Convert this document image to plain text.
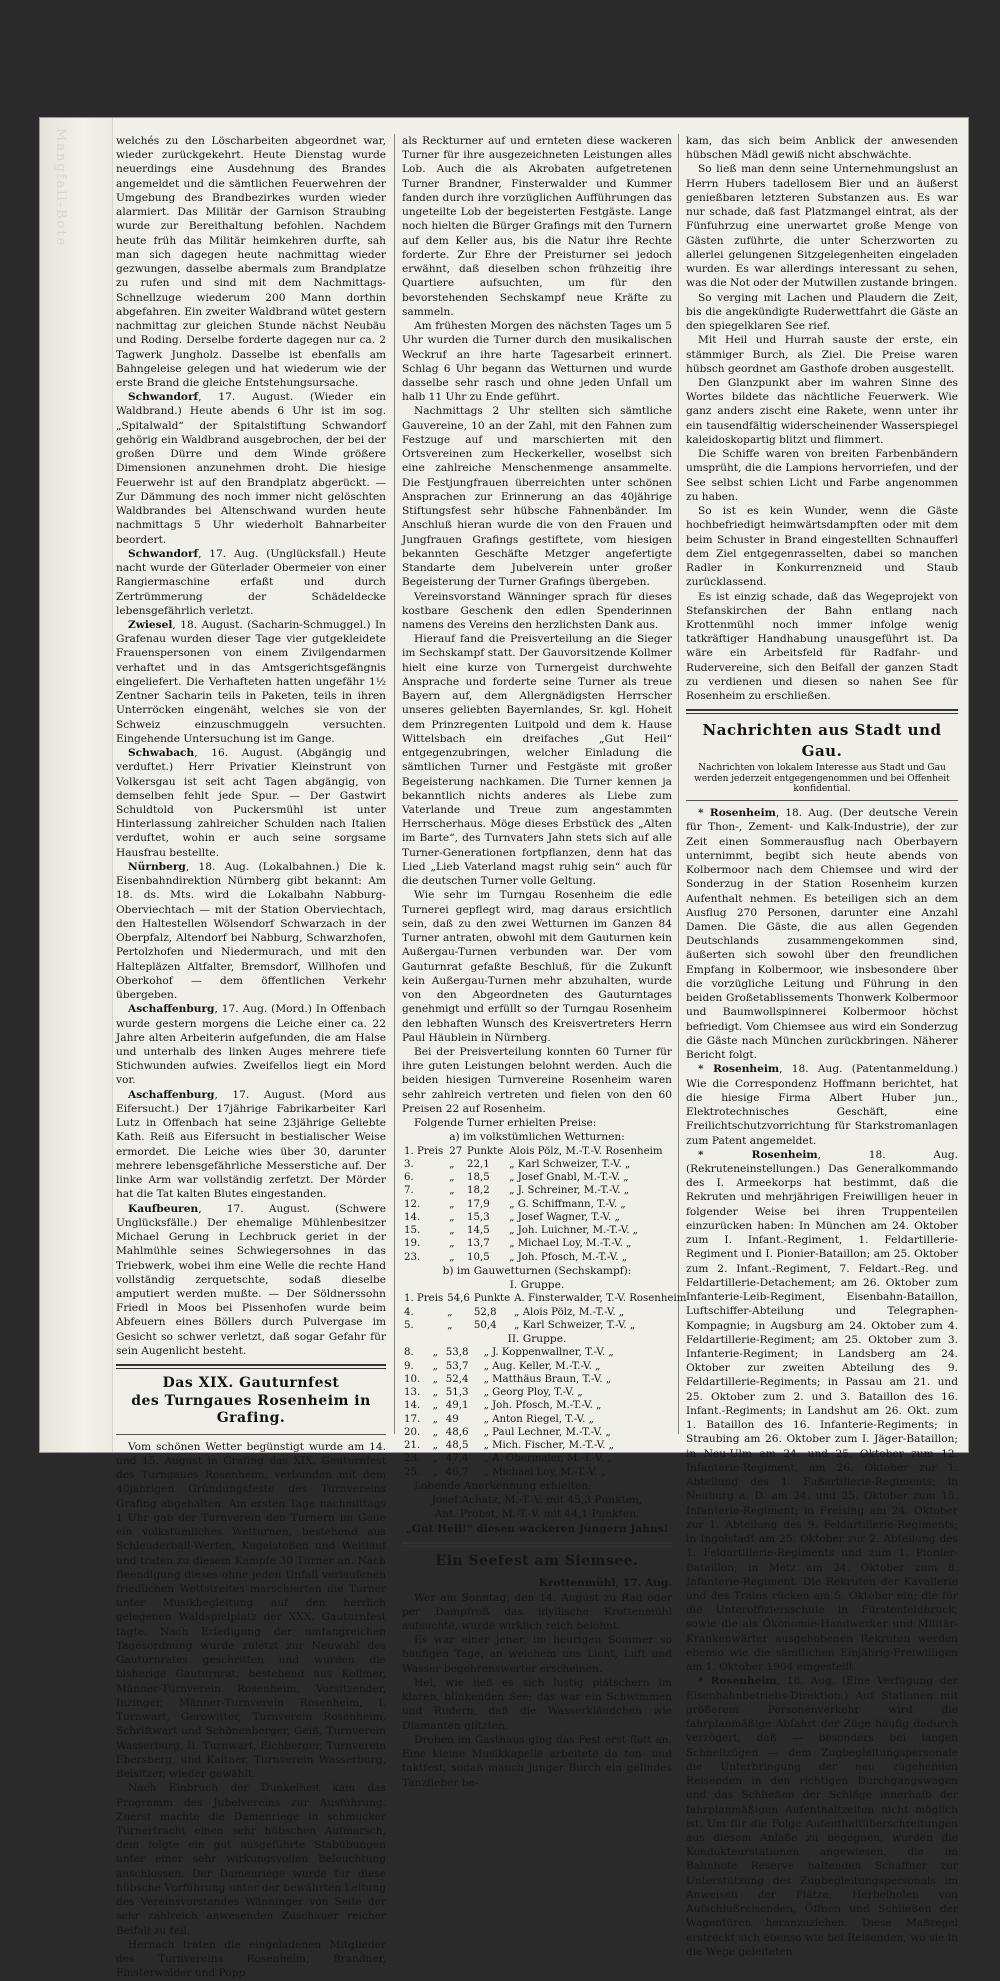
Mangfall‑Bote	welchés zu den Löscharbeiten abgeordnet war, wieder zurückgekehrt. Heute Dienstag wurde neuerdings eine Ausdehnung des Brandes angemeldet und die sämtlichen Feuerwehren der Umgebung des Brandbezirkes wurden wieder alarmiert. Das Militär der Garnison Straubing wurde zur Bereithaltung befohlen. Nachdem heute früh das Militär heimkehren durfte, sah man sich dagegen heute nachmittag wieder gezwungen, dasselbe abermals zum Brandplatze zu rufen und sind mit dem Nachmittags-Schnellzuge wiederum 200 Mann dorthin abgefahren. Ein zweiter Waldbrand wütet gestern nachmittag zur gleichen Stunde nächst Neubäu und Roding. Derselbe forderte dagegen nur ca. 2 Tagwerk Jungholz. Dasselbe ist ebenfalls am Bahngeleise gelegen und hat wiederum wie der erste Brand die gleiche Entstehungsursache.

Schwandorf, 17. August. (Wieder ein Waldbrand.) Heute abends 6 Uhr ist im sog. „Spitalwald“ der Spitalstiftung Schwandorf gehörig ein Waldbrand ausgebrochen, der bei der großen Dürre und dem Winde größere Dimensionen anzunehmen droht. Die hiesige Feuerwehr ist auf den Brandplatz abgerückt. — Zur Dämmung des noch immer nicht gelöschten Waldbrandes bei Altenschwand wurden heute nachmittags 5 Uhr wiederholt Bahnarbeiter beordert.

Schwandorf, 17. Aug. (Unglücksfall.) Heute nacht wurde der Güterlader Obermeier von einer Rangiermaschine erfaßt und durch Zertrümmerung der Schädeldecke lebensgefährlich verletzt.

Zwiesel, 18. August. (Sacharin-Schmuggel.) In Grafenau wurden dieser Tage vier gutgekleidete Frauenspersonen von einem Zivilgendarmen verhaftet und in das Amtsgerichtsgefängnis eingeliefert. Die Verhafteten hatten ungefähr 1½ Zentner Sacharin teils in Paketen, teils in ihren Unterröcken eingenäht, welches sie von der Schweiz einzuschmuggeln versuchten. Eingehende Untersuchung ist im Gange.

Schwabach, 16. August. (Abgängig und verduftet.) Herr Privatier Kleinstrunt von Volkersgau ist seit acht Tagen abgängig, von demselben fehlt jede Spur. — Der Gastwirt Schuldtold von Puckersmühl ist unter Hinterlassung zahlreicher Schulden nach Italien verduftet, wohin er auch seine sorgsame Hausfrau bestellte.

Nürnberg, 18. Aug. (Lokalbahnen.) Die k. Eisenbahndirektion Nürnberg gibt bekannt: Am 18. ds. Mts. wird die Lokalbahn Nabburg-Oberviechtach — mit der Station Oberviechtach, den Haltestellen Wölsendorf Schwarzach in der Oberpfalz, Altendorf bei Nabburg, Schwarzhofen, Pertolzhofen und Niedermurach, und mit den Haltepläzen Altfalter, Bremsdorf, Willhofen und Oberkohof — dem öffentlichen Verkehr übergeben.

Aschaffenburg, 17. Aug. (Mord.) In Offenbach wurde gestern morgens die Leiche einer ca. 22 Jahre alten Arbeiterin aufgefunden, die am Halse und unterhalb des linken Auges mehrere tiefe Stichwunden aufwies. Zweifellos liegt ein Mord vor.

Aschaffenburg, 17. August. (Mord aus Eifersucht.) Der 17jährige Fabrikarbeiter Karl Lutz in Offenbach hat seine 23jährige Geliebte Kath. Reiß aus Eifersucht in bestialischer Weise ermordet. Die Leiche wies über 30, darunter mehrere lebensgefährliche Messerstiche auf. Der linke Arm war vollständig zerfetzt. Der Mörder hat die Tat kalten Blutes eingestanden.

Kaufbeuren, 17. August. (Schwere Unglücksfälle.) Der ehemalige Mühlenbesitzer Michael Gerung in Lechbruck geriet in der Mahlmühle seines Schwiegersohnes in das Triebwerk, wobei ihm eine Welle die rechte Hand vollständig zerquetschte, sodaß dieselbe amputiert werden mußte. — Der Söldnerssohn Friedl in Moos bei Pissenhofen wurde beim Abfeuern eines Böllers durch Pulvergase im Gesicht so schwer verletzt, daß sogar Gefahr für sein Augenlicht besteht.

Das XIX. Gauturnfest
des Turngaues Rosenheim in Grafing.

Vom schönen Wetter begünstigt wurde am 14. und 15. August in Grafing das XIX. Gauturnfest des Turngaues Rosenheim, verbunden mit dem 40jährigen Gründungsfeste des Turnvereins Grafing abgehalten. Am ersten Tage nachmittags 1 Uhr gab der Turnverein den Turnern im Gaue ein volkstümliches Wetturnen, bestehend aus Schleuderball-Werfen, Kugelstoßen und Weitlauf und traten zu diesem Kampfe 30 Turner an. Nach Beendigung dieses ohne jeden Unfall verlaufenen friedlichen Wettstreites marschierten die Turner unter Musikbegleitung auf den herrlich gelegenen Waldspielplatz der XXX. Gauturnfest tagte. Nach Erledigung der umfangreichen Tagesordnung wurde zuletzt zur Neuwahl des Gauturnrates geschritten und wurden die bisherige Gauturnrat, bestehend aus Kollmer, Männer-Turnverein Rosenheim, Vorsitzender, Inzinger, Männer-Turnverein Rosenheim, I. Turnwart, Gerowitter, Turnverein Rosenheim, Schriftwart und Schönenberger, Geiß, Turnverein Wasserburg, II. Turnwart, Eichberger, Turnverein Ebersberg, und Kaltner, Turnverein Wasserburg, Beisitzer, wieder gewählt.

Nach Einbruch der Dunkelheit kam das Programm des Jubelvereins zur Ausführung. Zuerst machte die Damenriege in schmucker Turnertracht einen sehr hübschen Aufmarsch, dem folgte ein gut ausgeführte Stabübungen unter einer sehr wirkungsvollen Beleuchtung anschlossen. Der Damenriege wurde für diese hübsche Vorführung unter der bewährten Leitung des Vereinsvorstandes Wänninger von Seite der sehr zahlreich anwesenden Zuschauer reicher Beifall zu teil.

Hernach traten die eingeladenen Mitglieder des Turnvereins Rosenheim, Brandner, Finsterwalder und Popp

als Reckturner auf und ernteten diese wackeren Turner für ihre ausgezeichneten Leistungen alles Lob. Auch die als Akrobaten aufgetretenen Turner Brandner, Finsterwalder und Kummer fanden durch ihre vorzüglichen Aufführungen das ungeteilte Lob der begeisterten Festgäste. Lange noch hielten die Bürger Grafings mit den Turnern auf dem Keller aus, bis die Natur ihre Rechte forderte. Zur Ehre der Preisturner sei jedoch erwähnt, daß dieselben schon frühzeitig ihre Quartiere aufsuchten, um für den bevorstehenden Sechskampf neue Kräfte zu sammeln.

Am frühesten Morgen des nächsten Tages um 5 Uhr wurden die Turner durch den musikalischen Weckruf an ihre harte Tagesarbeit erinnert. Schlag 6 Uhr begann das Wetturnen und wurde dasselbe sehr rasch und ohne jeden Unfall um halb 11 Uhr zu Ende geführt.

Nachmittags 2 Uhr stellten sich sämtliche Gauvereine, 10 an der Zahl, mit den Fahnen zum Festzuge auf und marschierten mit den Ortsvereinen zum Heckerkeller, woselbst sich eine zahlreiche Menschenmenge ansammelte. Die Festjungfrauen überreichten unter schönen Ansprachen zur Erinnerung an das 40jährige Stiftungsfest sehr hübsche Fahnenbänder. Im Anschluß hieran wurde die von den Frauen und Jungfrauen Grafings gestiftete, vom hiesigen bekannten Geschäfte Metzger angefertigte Standarte dem Jubelverein unter großer Begeisterung der Turner Grafings übergeben.

Vereinsvorstand Wänninger sprach für dieses kostbare Geschenk den edlen Spenderinnen namens des Vereins den herzlichsten Dank aus.

Hierauf fand die Preisverteilung an die Sieger im Sechskampf statt. Der Gauvorsitzende Kollmer hielt eine kurze von Turnergeist durchwehte Ansprache und forderte seine Turner als treue Bayern auf, dem Allergnädigsten Herrscher unseres geliebten Bayernlandes, Sr. kgl. Hoheit dem Prinzregenten Luitpold und dem k. Hause Wittelsbach ein dreifaches „Gut Heil“ entgegenzubringen, welcher Einladung die sämtlichen Turner und Festgäste mit großer Begeisterung nachkamen. Die Turner kennen ja bekanntlich nichts anderes als Liebe zum Vaterlande und Treue zum angestammten Herrscherhaus. Möge dieses Erbstück des „Alten im Barte“, des Turnvaters Jahn stets sich auf alle Turner-Generationen fortpflanzen, denn hat das Lied „Lieb Vaterland magst ruhig sein“ auch für die deutschen Turner volle Geltung.

Wie sehr im Turngau Rosenheim die edle Turnerei gepflegt wird, mag daraus ersichtlich sein, daß zu den zwei Wetturnen im Ganzen 84 Turner antraten, obwohl mit dem Gauturnen kein Außergau-Turnen verbunden war. Der vom Gauturnrat gefaßte Beschluß, für die Zukunft kein Außergau-Turnen mehr abzuhalten, wurde von den Abgeordneten des Gauturntages genehmigt und erfüllt so der Turngau Rosenheim den lebhaften Wunsch des Kreisvertreters Herrn Paul Häublein in Nürnberg.

Bei der Preisverteilung konnten 60 Turner für ihre guten Leistungen belohnt werden. Auch die beiden hiesigen Turnvereine Rosenheim waren sehr zahlreich vertreten und fielen von den 60 Preisen 22 auf Rosenheim.

Folgende Turner erhielten Preise:

a) im volkstümlichen Wetturnen:

1. Preis	27	Punkte	Alois Pölz, M.-T.-V. Rosenheim
3.	„	22,1	„ Karl Schweizer, T.-V. „
6.	„	18,5	„ Josef Gnabl, M.-T.-V. „
7.	„	18,2	„ J. Schreiner, M.-T.-V. „
12.	„	17,9	„ G. Schiffmann, T.-V. „
14.	„	15,3	„ Josef Wagner, T.-V. „
15.	„	14,5	„ Joh. Luichner, M.-T.-V. „
19.	„	13,7	„ Michael Loy, M.-T.-V. „
23.	„	10,5	„ Joh. Pfosch, M.-T.-V. „

b) im Gauwetturnen (Sechskampf):

I. Gruppe.

1. Preis	54,6	Punkte	A. Finsterwalder, T.-V. Rosenheim
4.	„	52,8	„ Alois Pölz, M.-T.-V. „
5.	„	50,4	„ Karl Schweizer, T.-V. „

II. Gruppe.

8.	„	53,8	„ J. Koppenwallner, T.-V. „
9.	„	53,7	„ Aug. Keller, M.-T.-V. „
10.	„	52,4	„ Matthäus Braun, T.-V. „
13.	„	51,3	„ Georg Ploy, T.-V. „
14.	„	49,1	„ Joh. Pfosch, M.-T.-V. „
17.	„	49	„ Anton Riegel, T.-V. „
20.	„	48,6	„ Paul Lechner, M.-T.-V. „
21.	„	48,5	„ Mich. Fischer, M.-T.-V. „
23.	„	47,4	„ A. Obermaier, M.-T.-V. „
25.	„	46,7	„ Michael Loy, M.-T.-V. „

Lobende Anerkennung erhielten:

Josef Achatz, M.-T.-V. mit 45,3 Punkten,

Ant. Probst, M.-T.-V. mit 44,1 Punkten.

„Gut Heil!“ diesen wackeren Jüngern Jahns!

Ein Seefest am Siemsee.

Krottenmühl, 17. Aug.

Wer am Sonntag, den 14. August zu Rad oder per Dampfroß das idyllische Krottenmühl aufsuchte, wurde wirklich reich belohnt.

Es war einer jener, im heurigen Sommer so häufigen Tage, an welchem uns Licht, Luft und Wasser begehrenswerter erscheinen.

Hei, wie ließ es sich lustig plätschern im klaren, blinkenden See; das war ein Schwimmen und Rudern, daß die Wasserkläudchen wie Diamanten glitzten.

Droben im Gasthaus ging das Fest erst flott an. Eine kleine Musikkapelle arbeitete da ton- und taktfest, sodaß manch junger Burch ein gelindes Tanzfieber be-

kam, das sich beim Anblick der anwesenden hübschen Mädl gewiß nicht abschwächte.

So ließ man denn seine Unternehmungslust an Herrn Hubers tadellosem Bier und an äußerst genießbaren letzteren Substanzen aus. Es war nur schade, daß fast Platzmangel eintrat, als der Fünfuhrzug eine unerwartet große Menge von Gästen zuführte, die unter Scherzworten zu allerlei gelungenen Sitzgelegenheiten eingeladen wurden. Es war allerdings interessant zu sehen, was die Not oder der Mutwillen zustande bringen.

So verging mit Lachen und Plaudern die Zeit, bis die angekündigte Ruderwettfahrt die Gäste an den spiegelklaren See rief.

Mit Heil und Hurrah sauste der erste, ein stämmiger Burch, als Ziel. Die Preise waren hübsch geordnet am Gasthofe droben ausgestellt.

Den Glanzpunkt aber im wahren Sinne des Wortes bildete das nächtliche Feuerwerk. Wie ganz anders zischt eine Rakete, wenn unter ihr ein tausendfältig widerscheinender Wasserspiegel kaleidoskopartig blitzt und flimmert.

Die Schiffe waren von breiten Farbenbändern umsprüht, die die Lampions hervorriefen, und der See selbst schien Licht und Farbe angenommen zu haben.

So ist es kein Wunder, wenn die Gäste hochbefriedigt heimwärtsdampften oder mit dem beim Schuster in Brand eingestellten Schnaufferl dem Ziel entgegenrasselten, dabei so manchen Radler in Konkurrenzneid und Staub zurücklassend.

Es ist einzig schade, daß das Wegeprojekt von Stefanskirchen der Bahn entlang nach Krottenmühl noch immer infolge wenig tatkräftiger Handhabung unausgeführt ist. Da wäre ein Arbeitsfeld für Radfahr- und Rudervereine, sich den Beifall der ganzen Stadt zu verdienen und diesen so nahen See für Rosenheim zu erschließen.

Nachrichten aus Stadt und Gau.
Nachrichten von lokalem Interesse aus Stadt und Gau werden jederzeit entgegengenommen und bei Offenheit konfidential.

* Rosenheim, 18. Aug. (Der deutsche Verein für Thon-, Zement- und Kalk-Industrie), der zur Zeit einen Sommerausflug nach Oberbayern unternimmt, begibt sich heute abends von Kolbermoor nach dem Chiemsee und wird der Sonderzug in der Station Rosenheim kurzen Aufenthalt nehmen. Es beteiligen sich an dem Ausflug 270 Personen, darunter eine Anzahl Damen. Die Gäste, die aus allen Gegenden Deutschlands zusammengekommen sind, äußerten sich sowohl über den freundlichen Empfang in Kolbermoor, wie insbesondere über die vorzügliche Leitung und Führung in den beiden Großetablissements Thonwerk Kolbermoor und Baumwollspinnerei Kolbermoor höchst befriedigt. Vom Chiemsee aus wird ein Sonderzug die Gäste nach München zurückbringen. Näherer Bericht folgt.

* Rosenheim, 18. Aug. (Patentanmeldung.) Wie die Correspondenz Hoffmann berichtet, hat die hiesige Firma Albert Huber jun., Elektrotechnisches Geschäft, eine Freilichtschutzvorrichtung für Starkstromanlagen zum Patent angemeldet.

* Rosenheim, 18. Aug. (Rekruteneinstellungen.) Das Generalkommando des I. Armeekorps hat bestimmt, daß die Rekruten und mehrjährigen Freiwilligen heuer in folgender Weise bei ihren Truppenteilen einzurücken haben: In München am 24. Oktober zum I. Infant.-Regiment, 1. Feldartillerie-Regiment und I. Pionier-Bataillon; am 25. Oktober zum 2. Infant.-Regiment, 7. Feldart.-Reg. und Feldartillerie-Detachement; am 26. Oktober zum Infanterie-Leib-Regiment, Eisenbahn-Bataillon, Luftschiffer-Abteilung und Telegraphen-Kompagnie; in Augsburg am 24. Oktober zum 4. Feldartillerie-Regiment; am 25. Oktober zum 3. Infanterie-Regiment; in Landsberg am 24. Oktober zur zweiten Abteilung des 9. Feldartillerie-Regiments; in Passau am 21. und 25. Oktober zum 2. und 3. Bataillon des 16. Infant.-Regiments; in Landshut am 26. Okt. zum 1. Bataillon des 16. Infanterie-Regiments; in Straubing am 26. Oktober zum I. Jäger-Bataillon; in Neu-Ulm am 24. und 25. Oktober zum 12. Infanterie-Regiment, am 26. Oktober zur 1. Abteilung des 1. Fußartillerie-Regiments; in Neuburg a. D. am 24. und 25. Oktober zum 15. Infanterie-Regiment; in Freising am 24. Oktober zur 1. Abteilung des 9. Feldartillerie-Regiments; in Ingolstadt am 25. Oktober zur 2. Abteilung des 1. Feldartillerie-Regiments und zum 1. Pionier-Bataillon; in Metz am 24. Oktober zum 8. Infanterie-Regiment. Die Rekruten der Kavallerie und des Trains rücken am 5. Oktober ein; die für die Unteroffiziersschule in Fürstenfeldbruck, sowie die als Ökonomie-Handwerker und Militär-Krankenwärter ausgehobenen Rekruten werden ebenso wie die sämtlichen Einjährig-Freiwilligen am 1. Oktober 1904 eingestellt.

* Rosenheim, 18. Aug. (Eine Verfügung der Eisenbahnbetriebs-Direktion.) Auf Stationen mit größerem Personenverkehr wird die fahrplanmäßige Abfahrt der Züge häufig dadurch verzögert, daß — besonders bei langen Schnellzügen — dem Zugbegleitungspersonale die Unterbringung der neu zugehenden Reisenden in den richtigen Durchgangswagen und das Schließen der Schläge innerhalb der fahrplanmäßigen Aufenthaltzeiten nicht möglich ist. Um für die Folge Aufenthaltüberschreitungen aus diesem Anlaße zu begegnen, wurden die Kondukteurstationen angewiesen, die im Bahnhofe Reserve haltenden Schaffner zur Unterstützung des Zugbegleitungspersonals im Anweisen der Plätze, Herbeiholen von Aufschlußreisenden, Öffnen und Schließen der Wagentüren heranzuziehen. Diese Maßregel erstreckt sich ebenso wie bei Reisenden, wo sie in die Wege geleiteten
